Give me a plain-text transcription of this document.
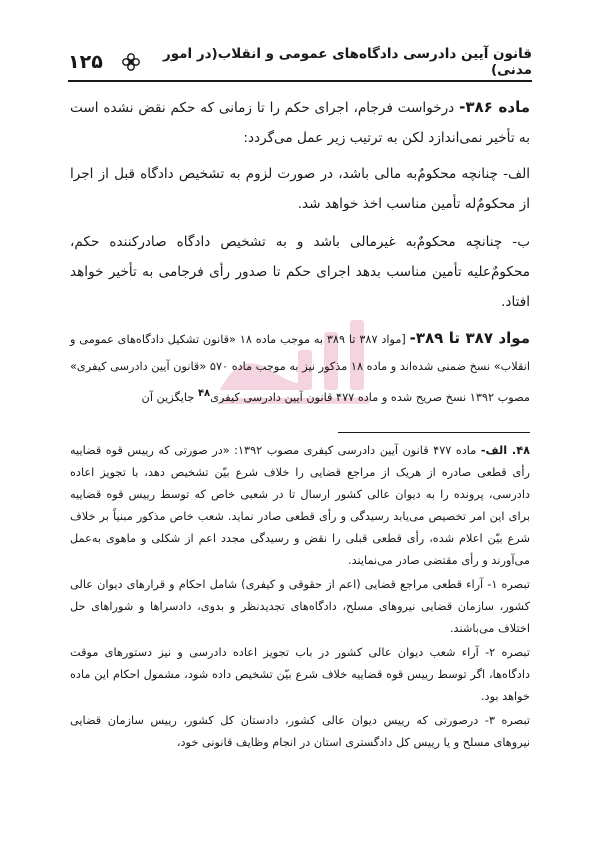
قانون آیین دادرسی دادگاه‌های عمومی و انقلاب(در امور مدنی)
۱۲۵

ماده ۳۸۶- درخواست فرجام، اجرای حکم را تا زمانی که حکم نقض نشده است به تأخیر نمی‌اندازد لکن به ترتیب زیر عمل می‌گردد:

الف- چنانچه محکومٌ‌به مالی باشد، در صورت لزوم به تشخیص دادگاه قبل از اجرا از محکومٌ‌له تأمین مناسب اخذ خواهد شد.

ب- چنانچه محکومٌ‌به غیرمالی باشد و به تشخیص دادگاه صادرکننده حکم، محکومٌ‌علیه تأمین مناسب بدهد اجرای حکم تا صدور رأی فرجامی به تأخیر خواهد افتاد.

مواد ۳۸۷ تا ۳۸۹- [مواد ۳۸۷ تا ۳۸۹ به موجب ماده ۱۸ «قانون تشکیل دادگاه‌های عمومی و انقلاب» نسخ ضمنی شده‌اند و ماده ۱۸ مذکور نیز به موجب ماده ۵۷۰ «قانون آیین دادرسی کیفری» مصوب ۱۳۹۲ نسخ صریح شده و ماده ۴۷۷ قانون آیین دادرسی کیفری$^{۴۸}$ جایگزین آن

۴۸. الف- ماده ۴۷۷ قانون آیین دادرسی کیفری مصوب ۱۳۹۲: «در صورتی که رییس قوه قضاییه رأی قطعی صادره از هریک از مراجع قضایی را خلاف شرع بیّن تشخیص دهد، با تجویز اعاده دادرسی، پرونده را به دیوان عالی کشور ارسال تا در شعبی خاص که توسط رییس قوه قضاییه برای این امر تخصیص می‌یابد رسیدگی و رأی قطعی صادر نماید. شعب خاص مذکور مبنیاً بر خلاف شرع بیّن اعلام شده، رأی قطعی قبلی را نقض و رسیدگی مجدد اعم از شکلی و ماهوی به‌عمل می‌آورند و رأی مقتضی صادر می‌نمایند.

تبصره ۱- آراء قطعی مراجع قضایی (اعم از حقوقی و کیفری) شامل احکام و قرارهای دیوان عالی کشور، سازمان قضایی نیروهای مسلح، دادگاه‌های تجدیدنظر و بدوی، دادسراها و شوراهای حل اختلاف می‌باشند.

تبصره ۲- آراء شعب دیوان عالی کشور در باب تجویز اعاده دادرسی و نیز دستورهای موقت دادگاه‌ها، اگر توسط رییس قوه قضاییه خلاف شرع بیّن تشخیص داده شود، مشمول احکام این ماده خواهد بود.

تبصره ۳- درصورتی که رییس دیوان عالی کشور، دادستان کل کشور، رییس سازمان قضایی نیروهای مسلح و یا رییس کل دادگستری استان در انجام وظایف قانونی خود،
